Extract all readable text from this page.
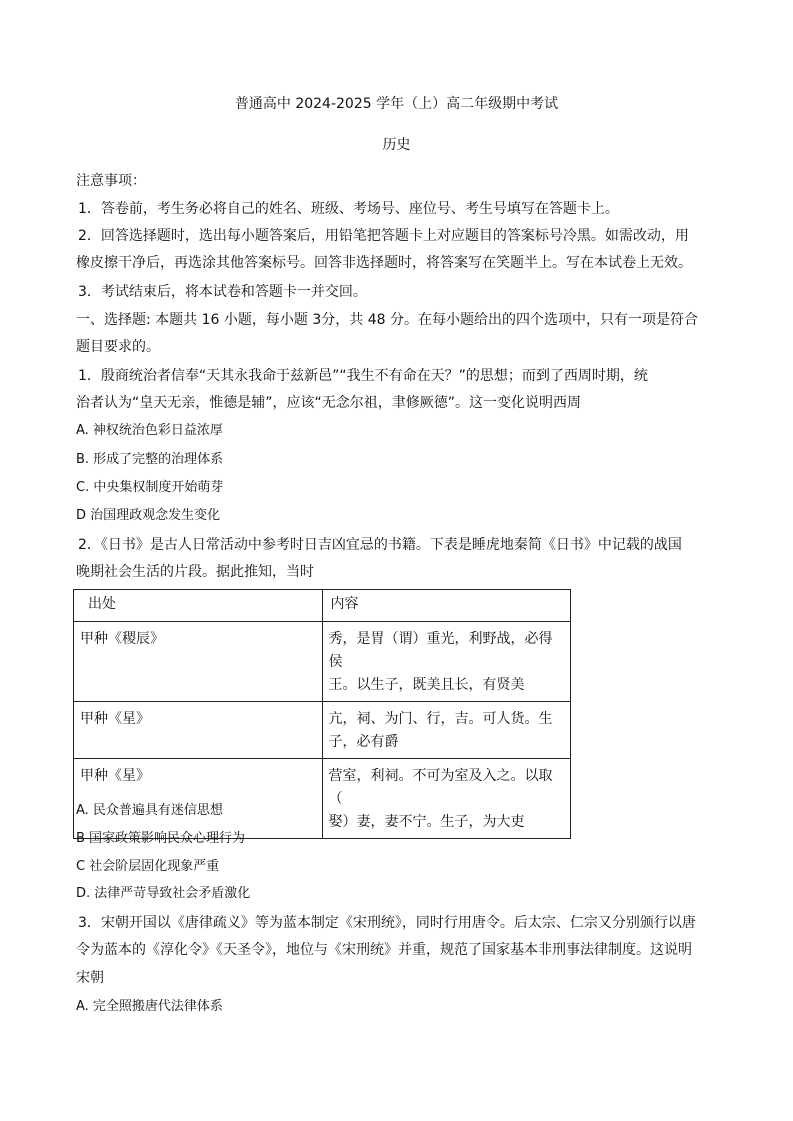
普通高中 2024-2025 学年（上）高二年级期中考试
历史
注意事项：
1．答卷前，考生务必将自己的姓名、班级、考场号、座位号、考生号填写在答题卡上。
2．回答选择题时，选出每小题答案后，用铅笔把答题卡上对应题目的答案标号冷黑。如需改动，用
橡皮擦干净后，再选涂其他答案标号。回答非选择题时，将答案写在笑题半上。写在本试卷上无效。
3．考试结束后，将本试卷和答题卡一并交回。
一、选择题: 本题共 16 小题，每小题 3分，共 48 分。在每小题给出的四个选项中，只有一项是符合
题目要求的。
1．殷商统治者信奉“天其永我命于兹新邑”“我生不有命在天？”的思想；而到了西周时期，统
治者认为“皇天无亲，惟德是辅”，应该“无念尔祖，聿修厥德”。这一变化说明西周
A. 神权统治色彩日益浓厚
B. 形成了完整的治理体系
C. 中央集权制度开始萌芽
D 治国理政观念发生变化
2．《日书》是古人日常活动中参考时日吉凶宜忌的书籍。下表是睡虎地秦简《日书》中记载的战国
晚期社会生活的片段。据此推知，当时
出处	内容
甲种《稷辰》	秀，是胃（谓）重光，利野战，必得侯
王。以生子，既美且长，有贤美

甲种《星》	亢，祠、为门、行，吉。可人货。生
子，必有爵

甲种《星》	营室，利祠。不可为室及入之。以取（
娶）妻，妻不宁。生子，为大吏
A. 民众普遍具有迷信思想
B 国家政策影响民众心理行为
C 社会阶层固化现象严重
D. 法律严苛导致社会矛盾激化
3．宋朝开国以《唐律疏义》等为蓝本制定《宋刑统》，同时行用唐令。后太宗、仁宗又分别颁行以唐
令为蓝本的《淳化令》《天圣令》，地位与《宋刑统》并重，规范了国家基本非刑事法律制度。这说明
宋朝
A. 完全照搬唐代法律体系
